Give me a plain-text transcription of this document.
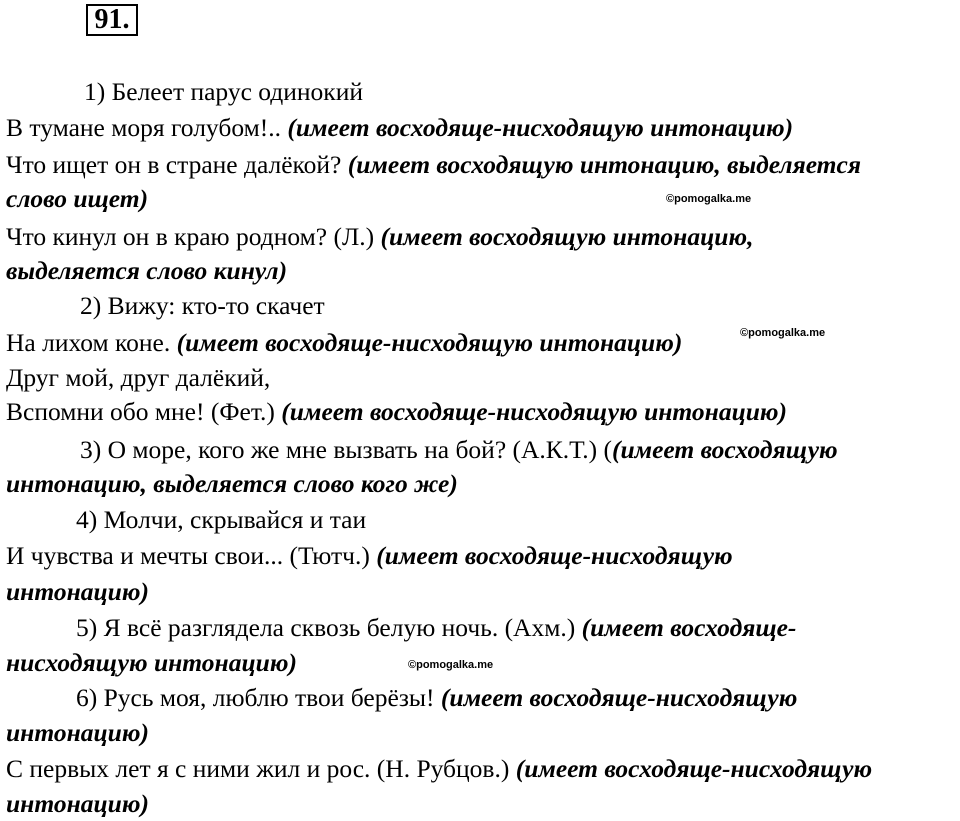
91.
1) Белеет парус одинокий
В тумане моря голубом!.. (имеет восходяще-нисходящую интонацию)
Что ищет он в стране далёкой? (имеет восходящую интонацию, выделяется
слово ищет)
Что кинул он в краю родном? (Л.) (имеет восходящую интонацию,
выделяется слово кинул)
2) Вижу: кто-то скачет
На лихом коне. (имеет восходяще-нисходящую интонацию)
Друг мой, друг далёкий,
Вспомни обо мне! (Фет.) (имеет восходяще-нисходящую интонацию)
3) О море, кого же мне вызвать на бой? (А.К.Т.) ((имеет восходящую
интонацию, выделяется слово кого же)
4) Молчи, скрывайся и таи
И чувства и мечты свои... (Тютч.) (имеет восходяще-нисходящую
интонацию)
5) Я всё разглядела сквозь белую ночь. (Ахм.) (имеет восходяще-
нисходящую интонацию)
6) Русь моя, люблю твои берёзы! (имеет восходяще-нисходящую
интонацию)
С первых лет я с ними жил и рос. (Н. Рубцов.) (имеет восходяще-нисходящую
интонацию)
©pomogalka.me
©pomogalka.me
©pomogalka.me
